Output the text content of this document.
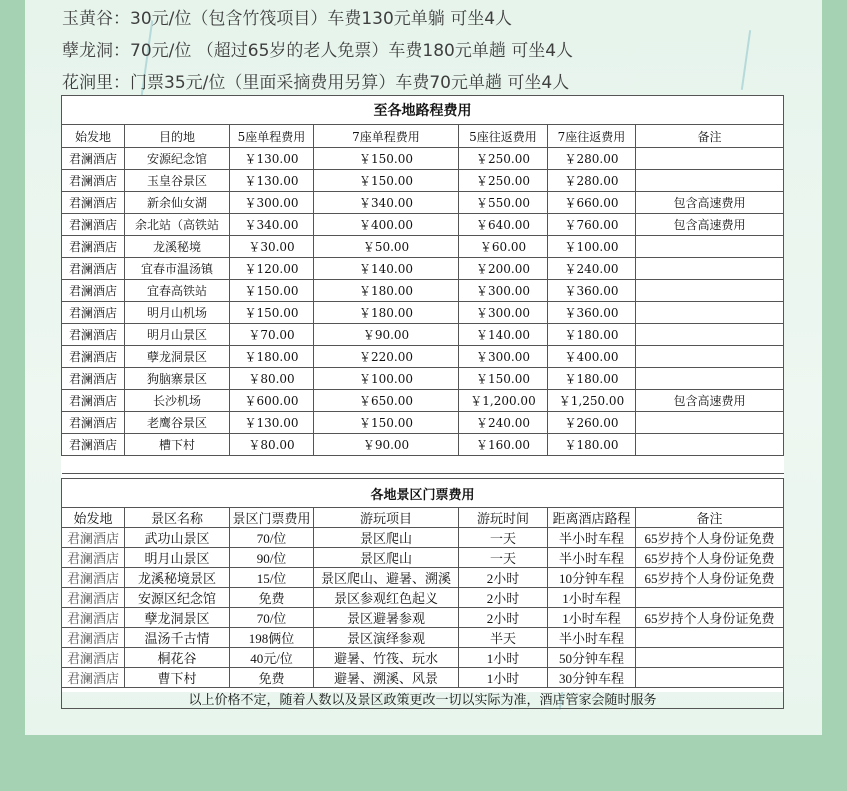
玉黄谷：30元/位（包含竹筏项目）车费130元单躺 可坐4人
孽龙洞：70元/位 （超过65岁的老人免票）车费180元单趟 可坐4人
花涧里：门票35元/位（里面采摘费用另算）车费70元单趟 可坐4人
至各地路程费用						
始发地	目的地	5座单程费用	7座单程费用	5座往返费用	7座往返费用	备注
君澜酒店	安源纪念馆	￥130.00	￥150.00	￥250.00	￥280.00	
君澜酒店	玉皇谷景区	￥130.00	￥150.00	￥250.00	￥280.00	
君澜酒店	新余仙女湖	￥300.00	￥340.00	￥550.00	￥660.00	包含高速费用
君澜酒店	余北站（高铁站	￥340.00	￥400.00	￥640.00	￥760.00	包含高速费用
君澜酒店	龙溪秘境	￥30.00	￥50.00	￥60.00	￥100.00	
君澜酒店	宜春市温汤镇	￥120.00	￥140.00	￥200.00	￥240.00	
君澜酒店	宜春高铁站	￥150.00	￥180.00	￥300.00	￥360.00	
君澜酒店	明月山机场	￥150.00	￥180.00	￥300.00	￥360.00	
君澜酒店	明月山景区	￥70.00	￥90.00	￥140.00	￥180.00	
君澜酒店	孽龙洞景区	￥180.00	￥220.00	￥300.00	￥400.00	
君澜酒店	狗脑寨景区	￥80.00	￥100.00	￥150.00	￥180.00	
君澜酒店	长沙机场	￥600.00	￥650.00	￥1,200.00	￥1,250.00	包含高速费用
君澜酒店	老鹰谷景区	￥130.00	￥150.00	￥240.00	￥260.00	
君澜酒店	槽下村	￥80.00	￥90.00	￥160.00	￥180.00	

各地景区门票费用						
始发地	景区名称	景区门票费用	游玩项目	游玩时间	距离酒店路程	备注
君澜酒店	武功山景区	70/位	景区爬山	一天	半小时车程	65岁持个人身份证免费
君澜酒店	明月山景区	90/位	景区爬山	一天	半小时车程	65岁持个人身份证免费
君澜酒店	龙溪秘境景区	15/位	景区爬山、避暑、溯溪	2小时	10分钟车程	65岁持个人身份证免费
君澜酒店	安源区纪念馆	免费	景区参观红色起义	2小时	1小时车程	
君澜酒店	孽龙洞景区	70/位	景区避暑参观	2小时	1小时车程	65岁持个人身份证免费
君澜酒店	温汤千古情	198俩位	景区演绎参观	半天	半小时车程	
君澜酒店	桐花谷	40元/位	避暑、竹筏、玩水	1小时	50分钟车程	
君澜酒店	曹下村	免费	避暑、溯溪、风景	1小时	30分钟车程	
以上价格不定，随着人数以及景区政策更改一切以实际为准，酒店管家会随时服务						
